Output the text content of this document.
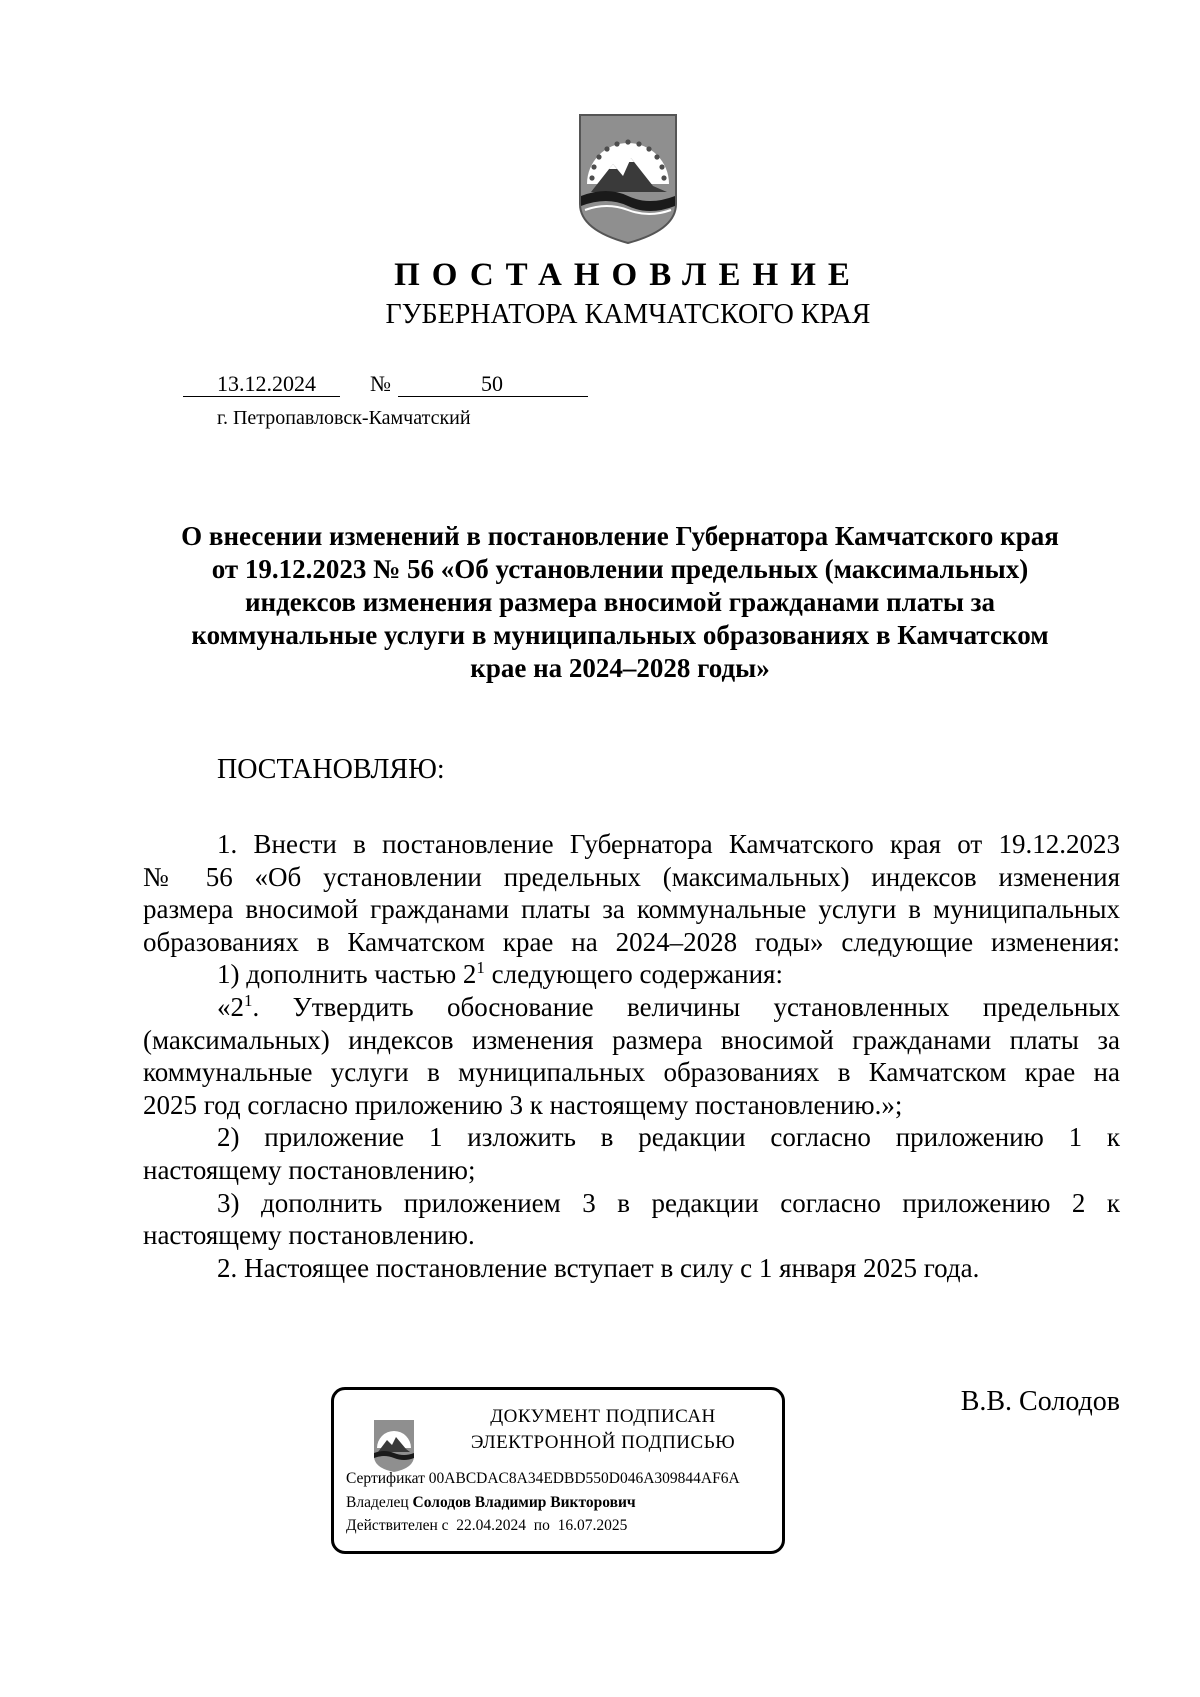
ПОСТАНОВЛЕНИЕ
ГУБЕРНАТОРА КАМЧАТСКОГО КРАЯ
13.12.2024 №	50
г. Петропавловск-Камчатский
О внесении изменений в постановление Губернатора Камчатского края
от 19.12.2023 № 56 «Об установлении предельных (максимальных)
индексов изменения размера вносимой гражданами платы за
коммунальные услуги в муниципальных образованиях в Камчатском
крае на 2024–2028 годы»
ПОСТАНОВЛЯЮ:
1. Внести в постановление Губернатора Камчатского края от 19.12.2023
№ 56 «Об установлении предельных (максимальных) индексов изменения
размера вносимой гражданами платы за коммунальные услуги в муниципальных
образованиях в Камчатском крае на 2024–2028 годы» следующие изменения:
1) дополнить частью $2^1$ следующего содержания:
«$2^1$. Утвердить обоснование величины установленных предельных
(максимальных) индексов изменения размера вносимой гражданами платы за
коммунальные услуги в муниципальных образованиях в Камчатском крае на
2025 год согласно приложению 3 к настоящему постановлению.»;
2) приложение 1 изложить в редакции согласно приложению 1 к
настоящему постановлению;
3) дополнить приложением 3 в редакции согласно приложению 2 к
настоящему постановлению.
2. Настоящее постановление вступает в силу с 1 января 2025 года.
В.В. Солодов
ДОКУМЕНТ ПОДПИСАН
ЭЛЕКТРОННОЙ ПОДПИСЬЮ
Сертификат 00ABCDAC8A34EDBD550D046A309844AF6A
Владелец Солодов Владимир Викторович
Действителен с 22.04.2024 по 16.07.2025
